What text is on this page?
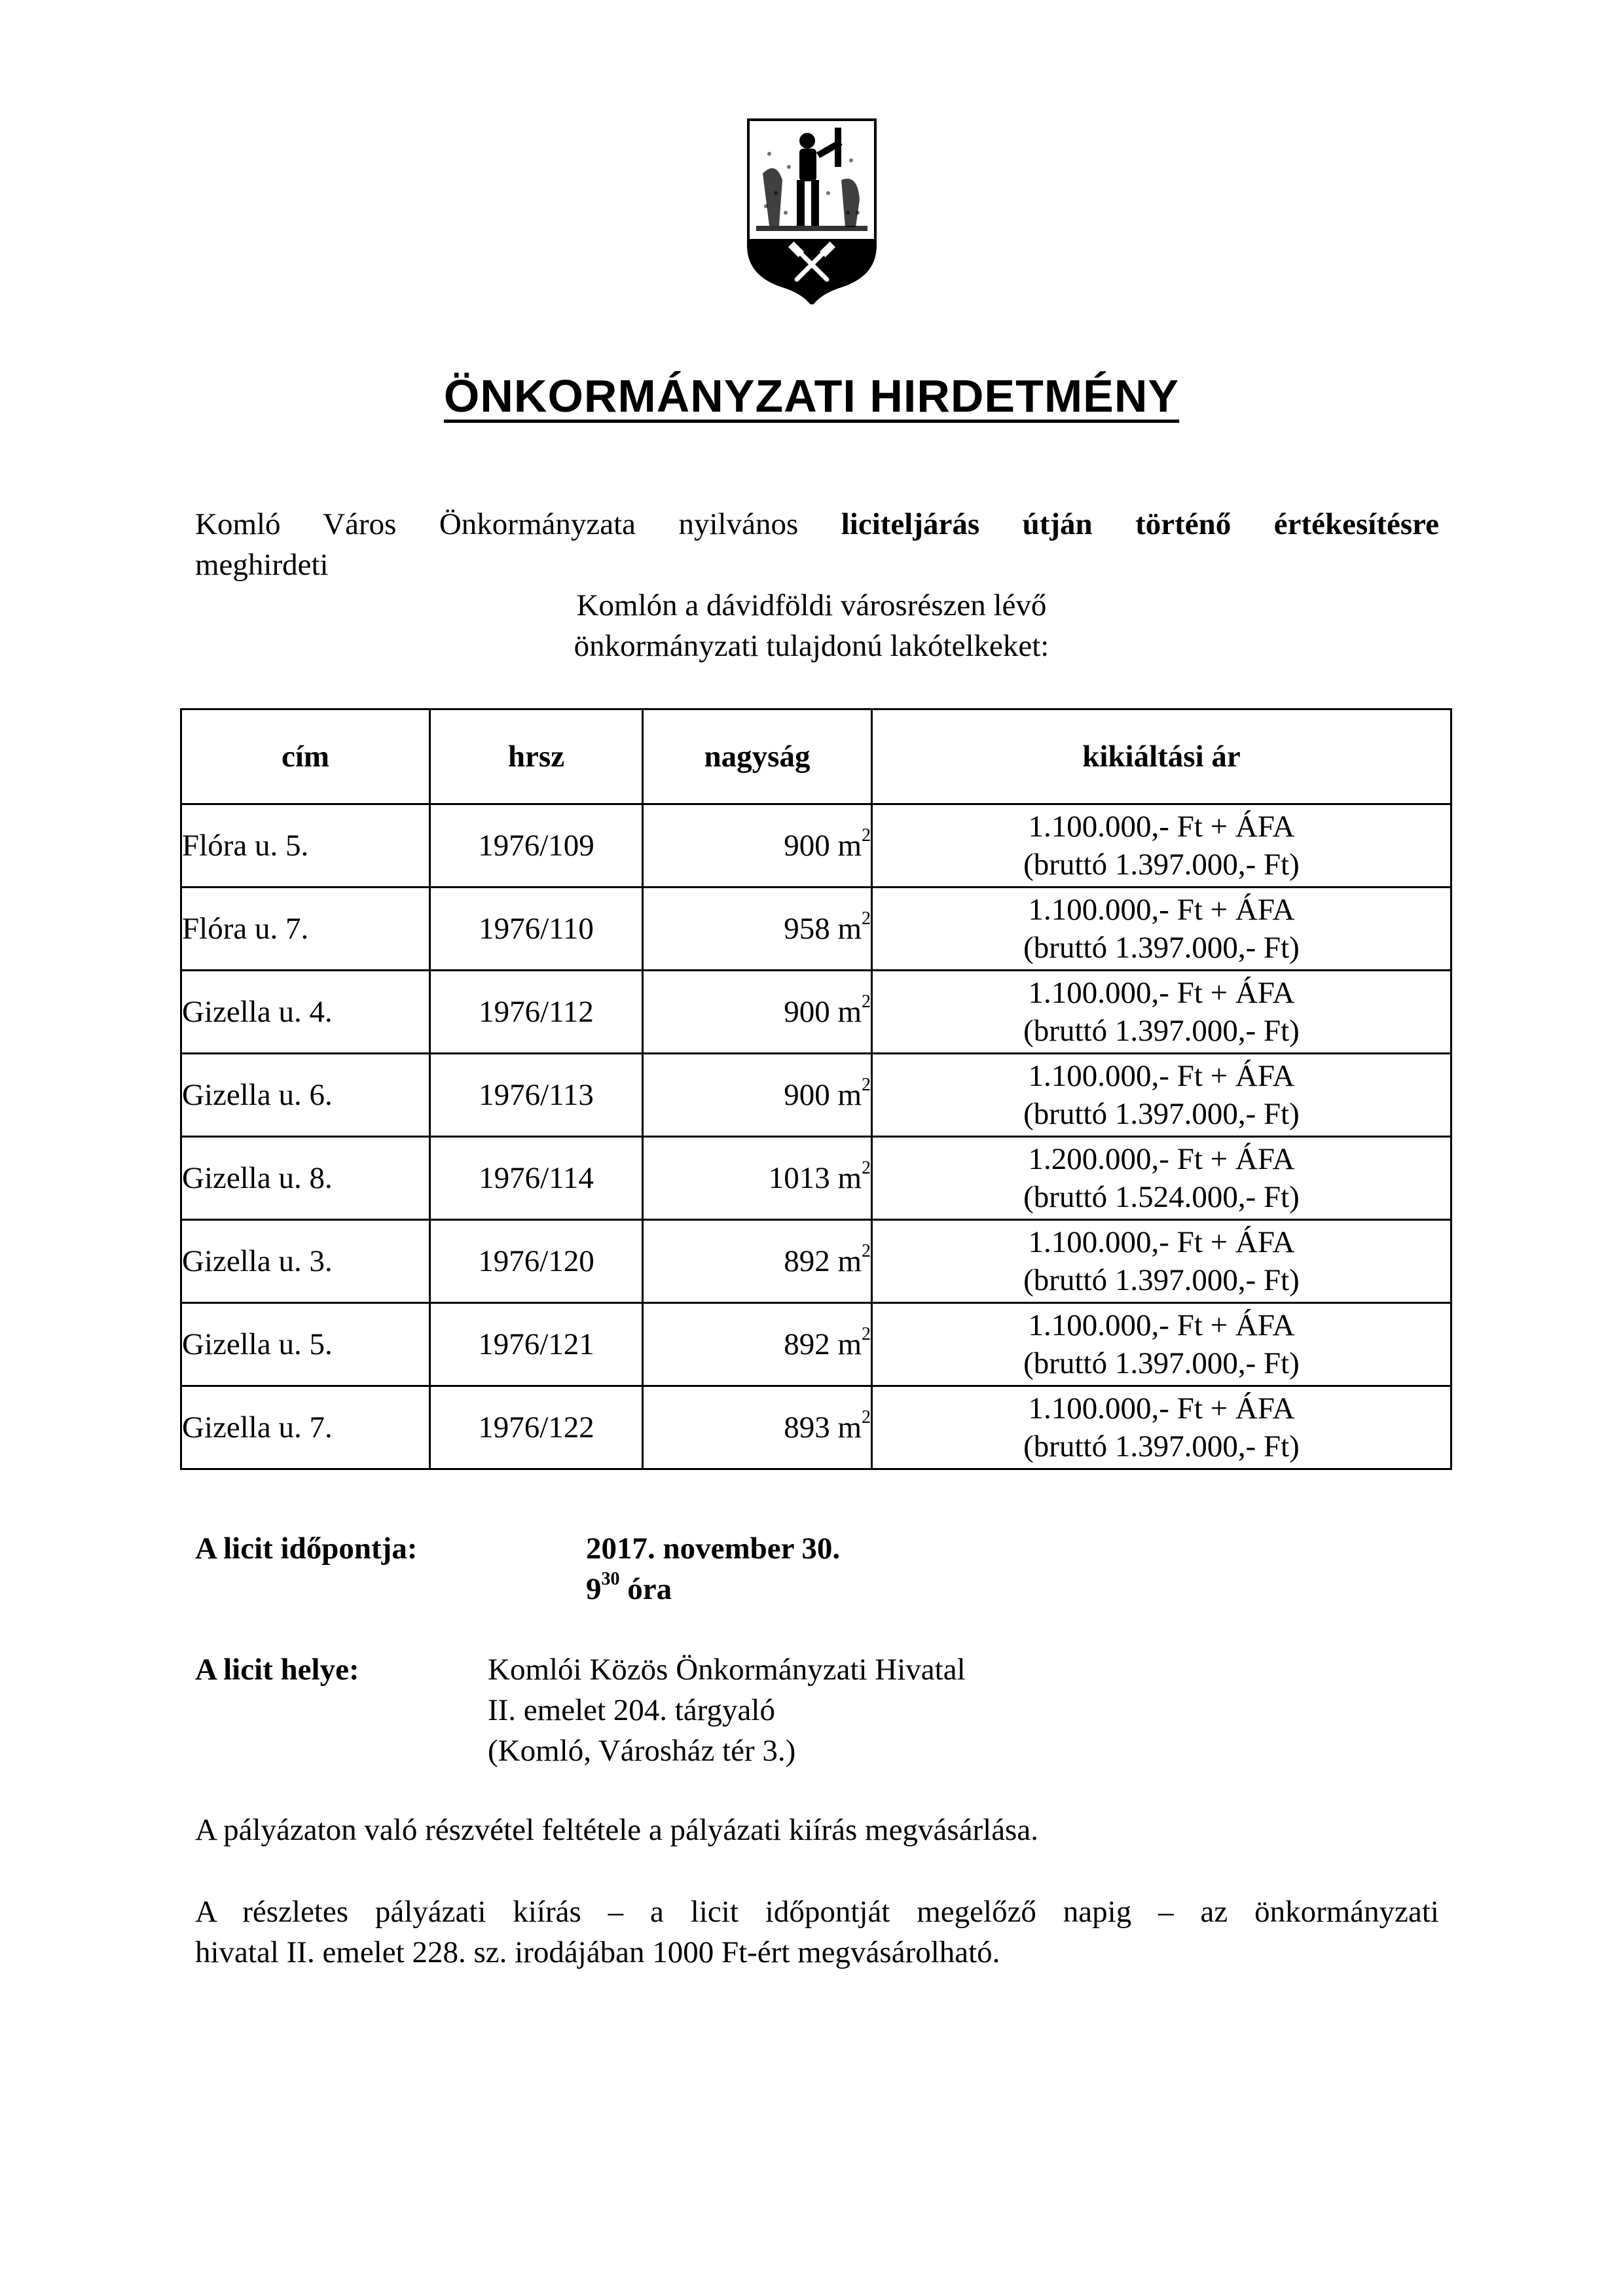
ÖNKORMÁNYZATI HIRDETMÉNY
Komló Város Önkormányzata nyilvános liciteljárás útján történő értékesítésre
meghirdeti
Komlón a dávidföldi városrészen lévő
önkormányzati tulajdonú lakótelkeket:
cím	hrsz	nagyság	kikiáltási ár
Flóra u. 5.	1976/109	900 $m^2$	1.100.000,- Ft + ÁFA
(bruttó 1.397.000,- Ft)

Flóra u. 7.	1976/110	958 $m^2$	1.100.000,- Ft + ÁFA
(bruttó 1.397.000,- Ft)

Gizella u. 4.	1976/112	900 $m^2$	1.100.000,- Ft + ÁFA
(bruttó 1.397.000,- Ft)

Gizella u. 6.	1976/113	900 $m^2$	1.100.000,- Ft + ÁFA
(bruttó 1.397.000,- Ft)

Gizella u. 8.	1976/114	1013 $m^2$	1.200.000,- Ft + ÁFA
(bruttó 1.524.000,- Ft)

Gizella u. 3.	1976/120	892 $m^2$	1.100.000,- Ft + ÁFA
(bruttó 1.397.000,- Ft)

Gizella u. 5.	1976/121	892 $m^2$	1.100.000,- Ft + ÁFA
(bruttó 1.397.000,- Ft)

Gizella u. 7.	1976/122	893 $m^2$	1.100.000,- Ft + ÁFA
(bruttó 1.397.000,- Ft)
A licit időpontja:	2017. november 30.
$9^{30}$ óra
A licit helye:	Komlói Közös Önkormányzati Hivatal
II. emelet 204. tárgyaló
(Komló, Városház tér 3.)
A pályázaton való részvétel feltétele a pályázati kiírás megvásárlása.
A részletes pályázati kiírás – a licit időpontját megelőző napig – az önkormányzati
hivatal II. emelet 228. sz. irodájában 1000 Ft-ért megvásárolható.
